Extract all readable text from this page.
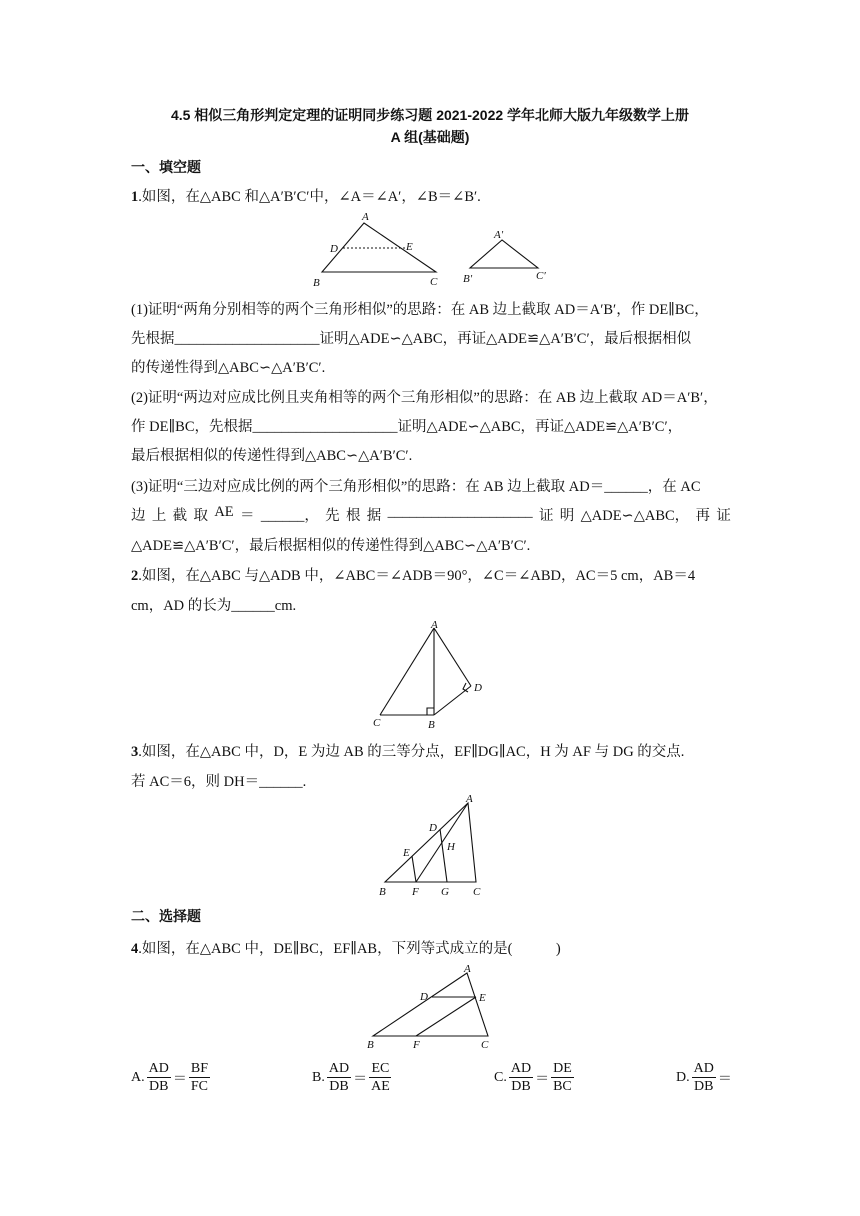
4.5 相似三角形判定定理的证明同步练习题 2021-2022 学年北师大版九年级数学上册
A 组(基础题)
一、填空题
1.如图，在△ABC 和△A′B′C′中，∠A＝∠A′，∠B＝∠B′.
A
B	C
D	E
A′
B′	C′
(1)证明“两角分别相等的两个三角形相似”的思路：在 AB 边上截取 AD＝A′B′，作 DE∥BC，
先根据____________________证明△ADE∽△ABC，再证△ADE≌△A′B′C′，最后根据相似
的传递性得到△ABC∽△A′B′C′.
(2)证明“两边对应成比例且夹角相等的两个三角形相似”的思路：在 AB 边上截取 AD＝A′B′，
作 DE∥BC，先根据____________________证明△ADE∽△ABC，再证△ADE≌△A′B′C′，
最后根据相似的传递性得到△ABC∽△A′B′C′.
(3)证明“三边对应成比例的两个三角形相似”的思路：在 AB 边上截取 AD＝______，在 AC
边 上 截 取 AE ＝ ______， 先 根 据 ____________________ 证 明 △ADE∽△ABC， 再 证
△ADE≌△A′B′C′，最后根据相似的传递性得到△ABC∽△A′B′C′.
2.如图，在△ABC 与△ADB 中，∠ABC＝∠ADB＝90°，∠C＝∠ABD，AC＝5 cm，AB＝4
cm，AD 的长为______cm.
A
B
C
D
3.如图，在△ABC 中，D，E 为边 AB 的三等分点，EF∥DG∥AC，H 为 AF 与 DG 的交点.
若 AC＝6，则 DH＝______.
A
B	C
D
E
F G
H
二、选择题
4.如图，在△ABC 中，DE∥BC，EF∥AB，下列等式成立的是(　　　)
A
B	C
D	E
F
A. $\frac{AD}{DB} = \frac{BF}{FC}$	B. $\frac{AD}{DB} = \frac{EC}{AE}$	C. $\frac{AD}{DB} = \frac{DE}{BC}$	D. $\frac{AD}{DB}$ ＝
